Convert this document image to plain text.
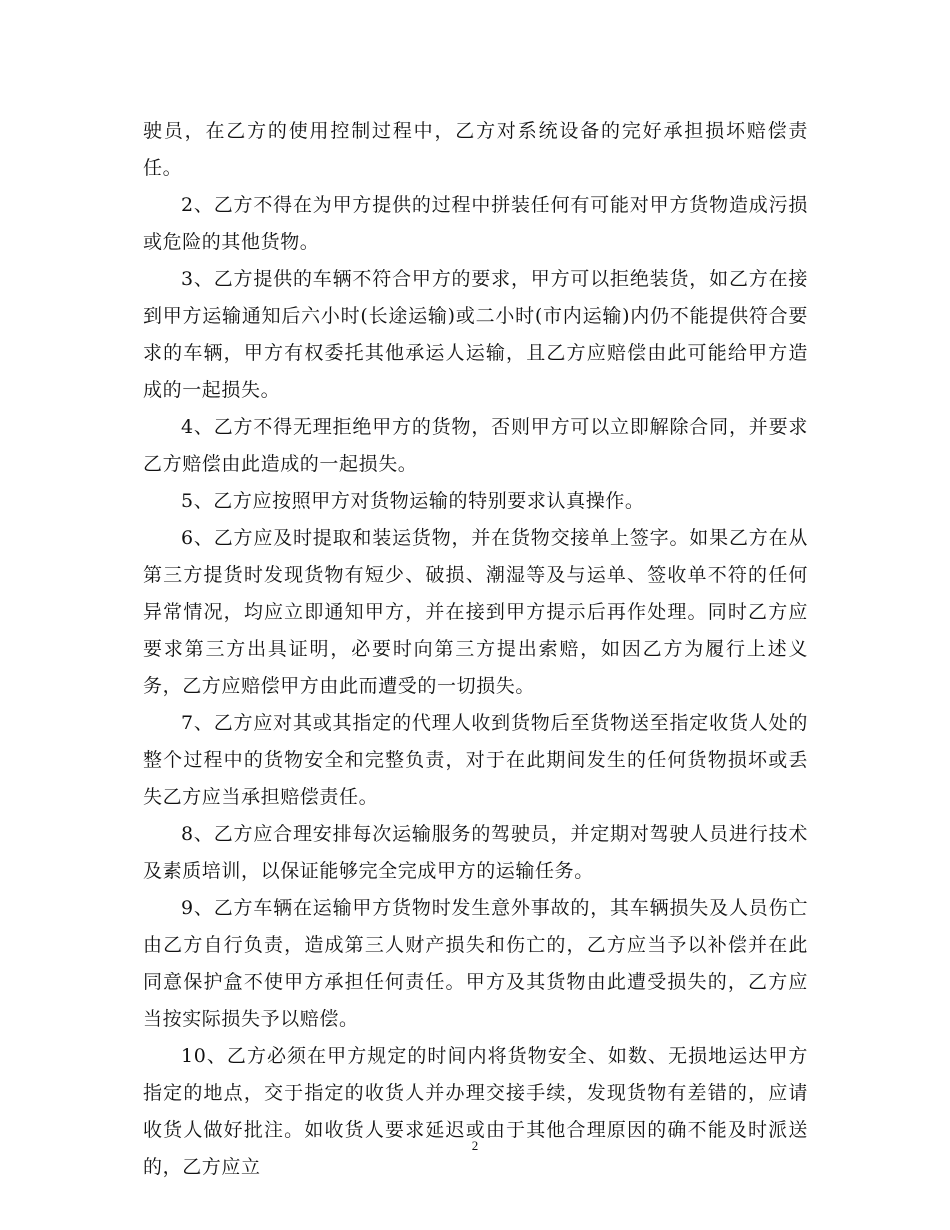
驶员，在乙方的使用控制过程中，乙方对系统设备的完好承担损坏赔偿责任。

2、乙方不得在为甲方提供的过程中拼装任何有可能对甲方货物造成污损或危险的其他货物。

3、乙方提供的车辆不符合甲方的要求，甲方可以拒绝装货，如乙方在接到甲方运输通知后六小时(长途运输)或二小时(市内运输)内仍不能提供符合要求的车辆，甲方有权委托其他承运人运输，且乙方应赔偿由此可能给甲方造成的一起损失。

4、乙方不得无理拒绝甲方的货物，否则甲方可以立即解除合同，并要求乙方赔偿由此造成的一起损失。

5、乙方应按照甲方对货物运输的特别要求认真操作。

6、乙方应及时提取和装运货物，并在货物交接单上签字。如果乙方在从第三方提货时发现货物有短少、破损、潮湿等及与运单、签收单不符的任何异常情况，均应立即通知甲方，并在接到甲方提示后再作处理。同时乙方应要求第三方出具证明，必要时向第三方提出索赔，如因乙方为履行上述义务，乙方应赔偿甲方由此而遭受的一切损失。

7、乙方应对其或其指定的代理人收到货物后至货物送至指定收货人处的整个过程中的货物安全和完整负责，对于在此期间发生的任何货物损坏或丢失乙方应当承担赔偿责任。

8、乙方应合理安排每次运输服务的驾驶员，并定期对驾驶人员进行技术及素质培训，以保证能够完全完成甲方的运输任务。

9、乙方车辆在运输甲方货物时发生意外事故的，其车辆损失及人员伤亡由乙方自行负责，造成第三人财产损失和伤亡的，乙方应当予以补偿并在此同意保护盒不使甲方承担任何责任。甲方及其货物由此遭受损失的，乙方应当按实际损失予以赔偿。

10、乙方必须在甲方规定的时间内将货物安全、如数、无损地运达甲方指定的地点，交于指定的收货人并办理交接手续，发现货物有差错的，应请收货人做好批注。如收货人要求延迟或由于其他合理原因的确不能及时派送的，乙方应立

2
